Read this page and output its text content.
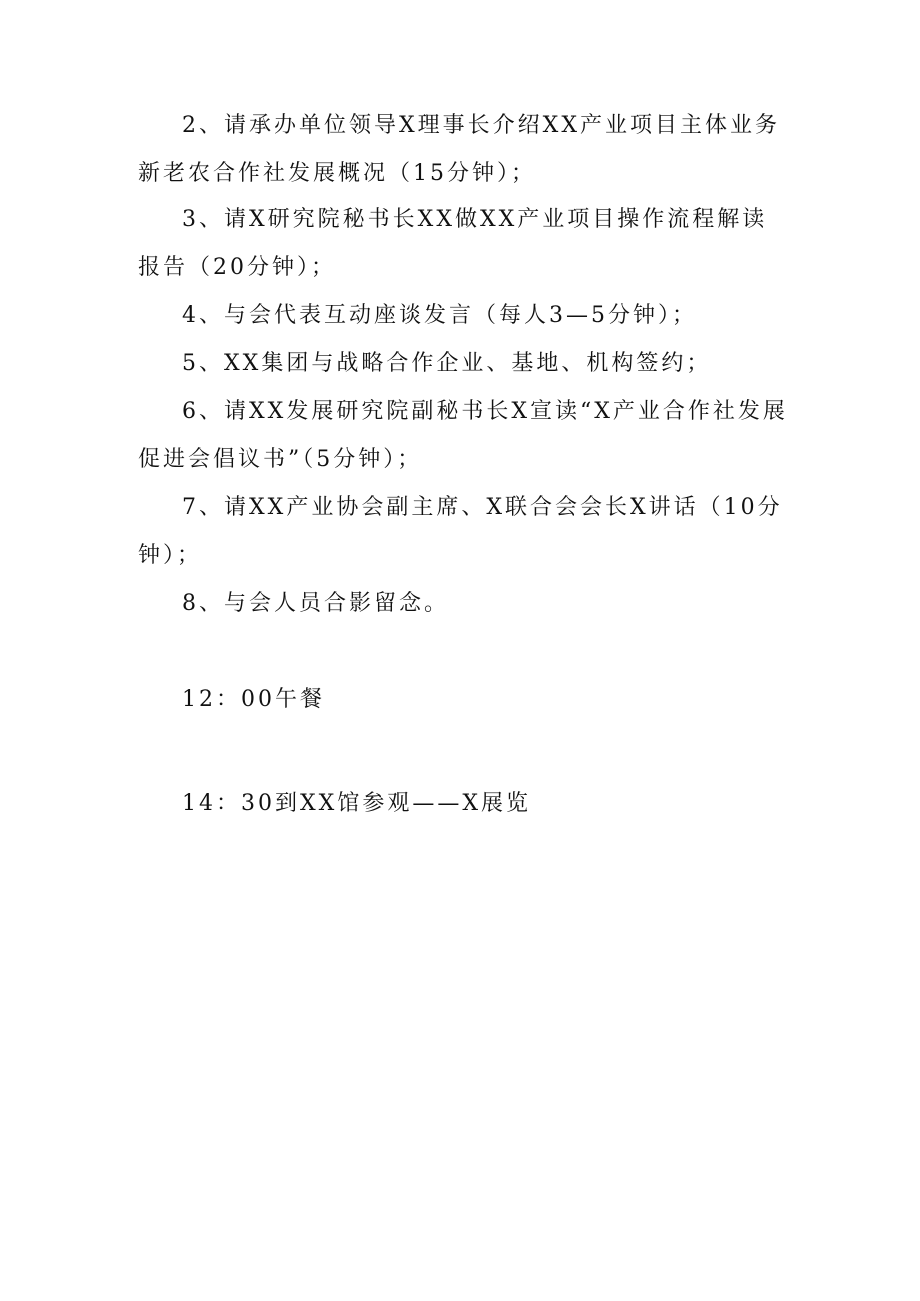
2、请承办单位领导X理事长介绍XX产业项目主体业务新老农合作社发展概况（15分钟）；

3、请X研究院秘书长XX做XX产业项目操作流程解读报告（20分钟）；

4、与会代表互动座谈发言（每人3—5分钟）；

5、XX集团与战略合作企业、基地、机构签约；

6、请XX发展研究院副秘书长X宣读“X产业合作社发展促进会倡议书”（5分钟）；

7、请XX产业协会副主席、X联合会会长X讲话（10分钟）；

8、与会人员合影留念。

12：00午餐

14：30到XX馆参观——X展览
